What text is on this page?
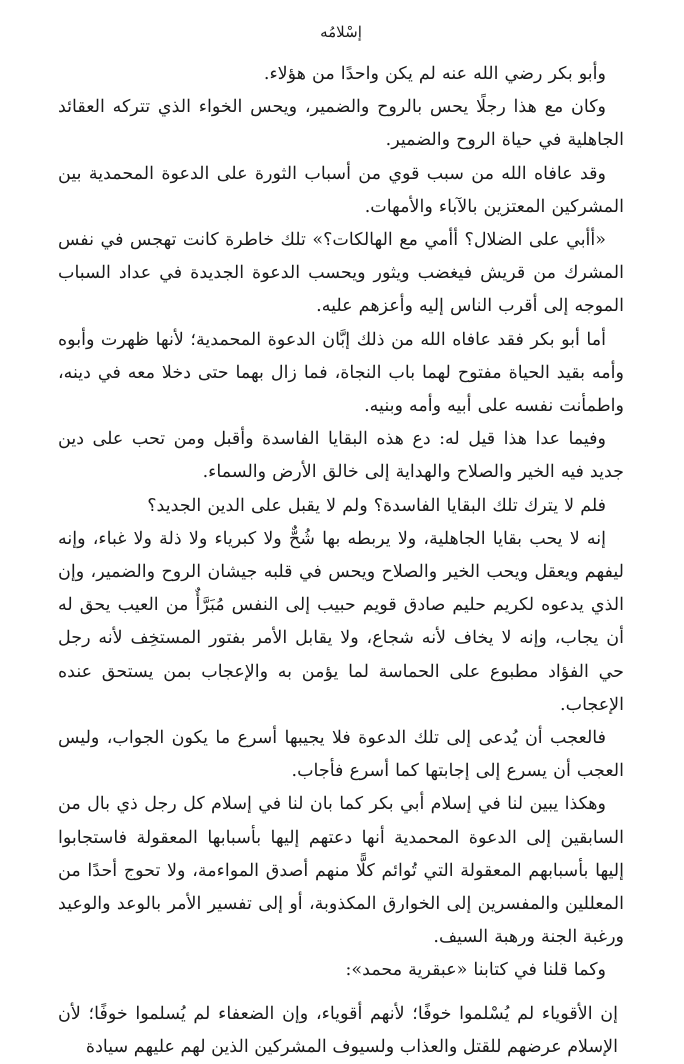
إسْلامُه

وأبو بكر رضي الله عنه لم يكن واحدًا من هؤلاء.

وكان مع هذا رجلًا يحس بالروح والضمير، ويحس الخواء الذي تتركه العقائد الجاهلية في حياة الروح والضمير.

وقد عافاه الله من سبب قوي من أسباب الثورة على الدعوة المحمدية بين المشركين المعتزين بالآباء والأمهات.

«أأبي على الضلال؟ أأمي مع الهالكات؟» تلك خاطرة كانت تهجس في نفس المشرك من قريش فيغضب ويثور ويحسب الدعوة الجديدة في عداد السباب الموجه إلى أقرب الناس إليه وأعزهم عليه.

أما أبو بكر فقد عافاه الله من ذلك إبَّان الدعوة المحمدية؛ لأنها ظهرت وأبوه وأمه بقيد الحياة مفتوح لهما باب النجاة، فما زال بهما حتى دخلا معه في دينه، واطمأنت نفسه على أبيه وأمه وبنيه.

وفيما عدا هذا قيل له: دع هذه البقايا الفاسدة وأقبل ومن تحب على دين جديد فيه الخير والصلاح والهداية إلى خالق الأرض والسماء.

فلم لا يترك تلك البقايا الفاسدة؟ ولم لا يقبل على الدين الجديد؟

إنه لا يحب بقايا الجاهلية، ولا يربطه بها شُحٌّ ولا كبرياء ولا ذلة ولا غباء، وإنه ليفهم ويعقل ويحب الخير والصلاح ويحس في قلبه جيشان الروح والضمير، وإن الذي يدعوه لكريم حليم صادق قويم حبيب إلى النفس مُبَرَّأٌ من العيب يحق له أن يجاب، وإنه لا يخاف لأنه شجاع، ولا يقابل الأمر بفتور المستخِف لأنه رجل حي الفؤاد مطبوع على الحماسة لما يؤمن به والإعجاب بمن يستحق عنده الإعجاب.

فالعجب أن يُدعى إلى تلك الدعوة فلا يجيبها أسرع ما يكون الجواب، وليس العجب أن يسرع إلى إجابتها كما أسرع فأجاب.

وهكذا يبين لنا في إسلام أبي بكر كما بان لنا في إسلام كل رجل ذي بال من السابقين إلى الدعوة المحمدية أنها دعتهم إليها بأسبابها المعقولة فاستجابوا إليها بأسبابهم المعقولة التي تُوائم كلًّا منهم أصدق المواءمة، ولا تحوج أحدًا من المعللين والمفسرين إلى الخوارق المكذوبة، أو إلى تفسير الأمر بالوعد والوعيد ورغبة الجنة ورهبة السيف.

وكما قلنا في كتابنا «عبقرية محمد»:

إن الأقوياء لم يُسْلموا خوفًا؛ لأنهم أقوياء، وإن الضعفاء لم يُسلموا خوفًا؛ لأن الإسلام عرضهم للقتل والعذاب ولسيوف المشركين الذين لهم عليهم سيادة
